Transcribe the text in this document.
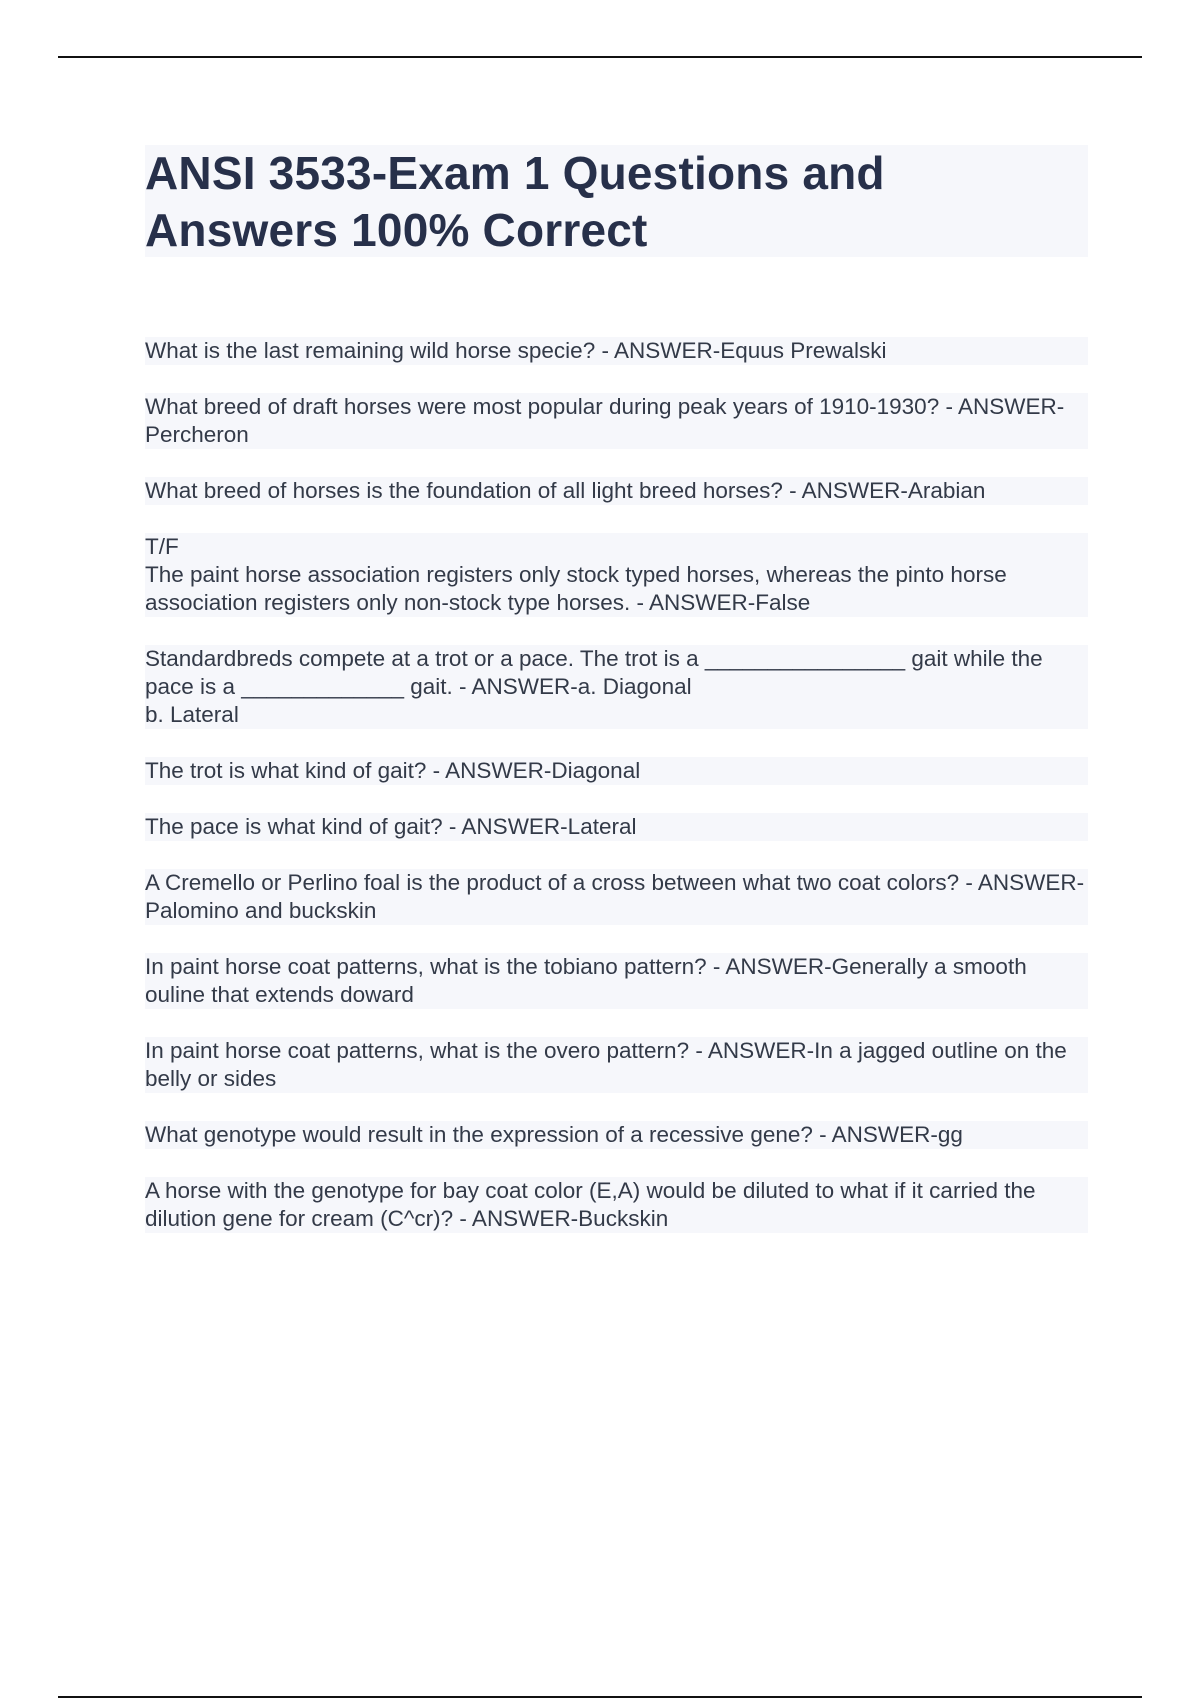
ANSI 3533-Exam 1 Questions and Answers 100% Correct

What is the last remaining wild horse specie? - ANSWER-Equus Prewalski

What breed of draft horses were most popular during peak years of 1910-1930? - ANSWER-Percheron

What breed of horses is the foundation of all light breed horses? - ANSWER-Arabian

T/F
The paint horse association registers only stock typed horses, whereas the pinto horse association registers only non-stock type horses. - ANSWER-False

Standardbreds compete at a trot or a pace. The trot is a ________________ gait while the pace is a _____________ gait. - ANSWER-a. Diagonal
b. Lateral

The trot is what kind of gait? - ANSWER-Diagonal

The pace is what kind of gait? - ANSWER-Lateral

A Cremello or Perlino foal is the product of a cross between what two coat colors? - ANSWER-Palomino and buckskin

In paint horse coat patterns, what is the tobiano pattern? - ANSWER-Generally a smooth ouline that extends doward

In paint horse coat patterns, what is the overo pattern? - ANSWER-In a jagged outline on the belly or sides

What genotype would result in the expression of a recessive gene? - ANSWER-gg

A horse with the genotype for bay coat color (E,A) would be diluted to what if it carried the dilution gene for cream (C^cr)? - ANSWER-Buckskin
